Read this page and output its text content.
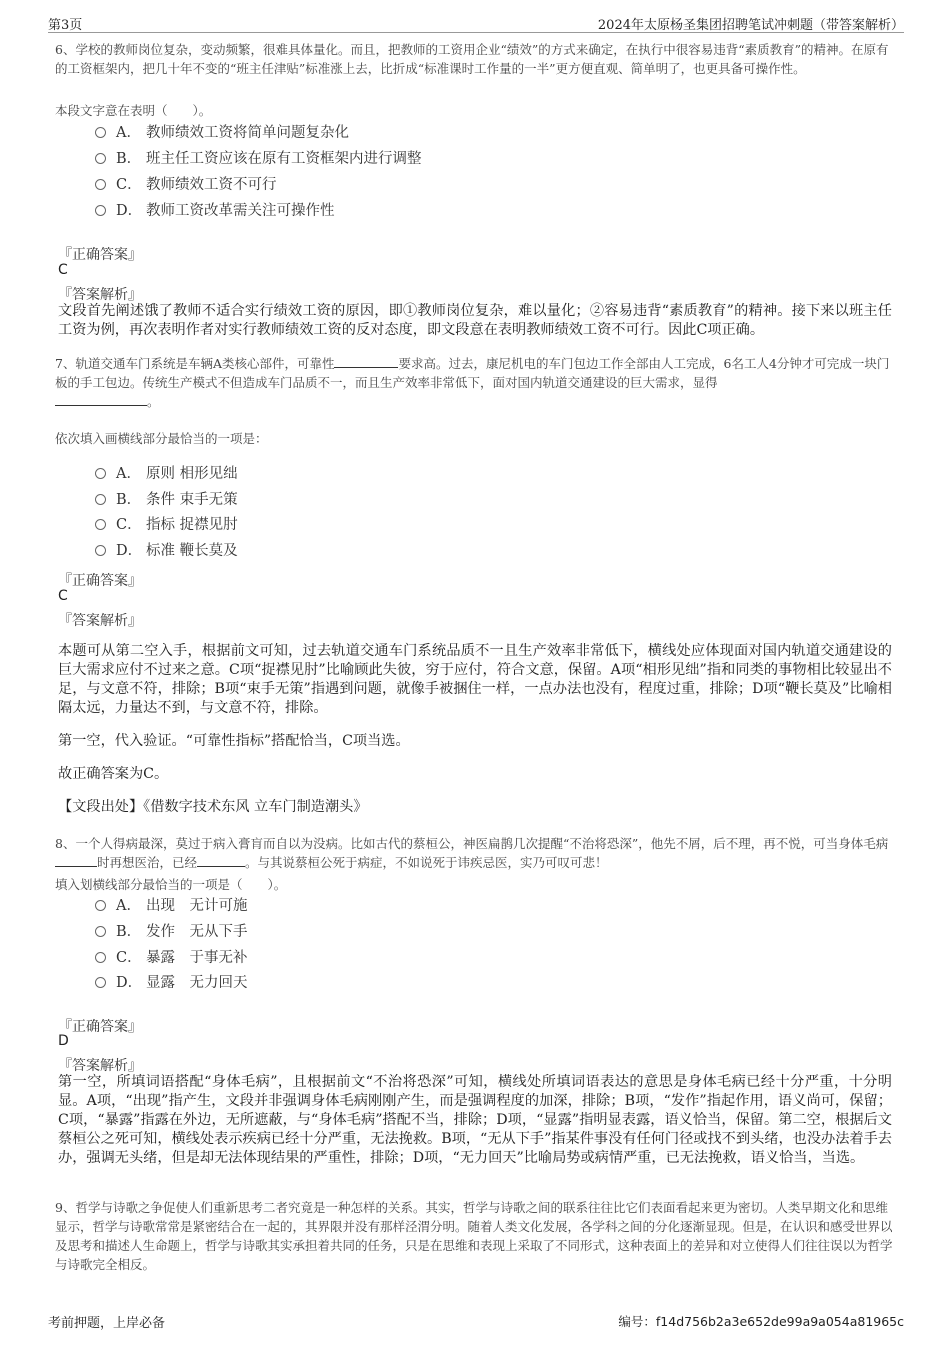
第3页	2024年太原杨圣集团招聘笔试冲刺题（带答案解析）
6、学校的教师岗位复杂，变动频繁，很难具体量化。而且，把教师的工资用企业“绩效”的方式来确定，在执行中很容易违背“素质教育”的精神。在原有的工资框架内，把几十年不变的“班主任津贴”标准涨上去，比折成“标准课时工作量的一半”更方便直观、简单明了，也更具备可操作性。
本段文字意在表明（　　）。
A． 教师绩效工资将简单问题复杂化
B． 班主任工资应该在原有工资框架内进行调整
C． 教师绩效工资不可行
D． 教师工资改革需关注可操作性
『正确答案』
C
『答案解析』
文段首先阐述饿了教师不适合实行绩效工资的原因，即①教师岗位复杂，难以量化；②容易违背“素质教育”的精神。接下来以班主任工资为例，再次表明作者对实行教师绩效工资的反对态度，即文段意在表明教师绩效工资不可行。因此C项正确。
7、轨道交通车门系统是车辆A类核心部件，可靠性	要求高。过去，康尼机电的车门包边工作全部由人工完成，6名工人4分钟才可完成一块门板的手工包边。传统生产模式不但造成车门品质不一，而且生产效率非常低下，面对国内轨道交通建设的巨大需求，显得
。
依次填入画横线部分最恰当的一项是：
A． 原则 相形见绌
B． 条件 束手无策
C． 指标 捉襟见肘
D． 标准 鞭长莫及
『正确答案』
C
『答案解析』
本题可从第二空入手，根据前文可知，过去轨道交通车门系统品质不一且生产效率非常低下，横线处应体现面对国内轨道交通建设的巨大需求应付不过来之意。C项“捉襟见肘”比喻顾此失彼，穷于应付，符合文意，保留。A项“相形见绌”指和同类的事物相比较显出不足，与文意不符，排除；B项“束手无策”指遇到问题，就像手被捆住一样，一点办法也没有，程度过重，排除；D项“鞭长莫及”比喻相隔太远，力量达不到，与文意不符，排除。
第一空，代入验证。“可靠性指标”搭配恰当，C项当选。
故正确答案为C。
【文段出处】《借数字技术东风 立车门制造潮头》
8、一个人得病最深，莫过于病入膏肓而自以为没病。比如古代的蔡桓公，神医扁鹊几次提醒“不治将恐深”，他先不屑，后不理，再不悦，可当身体毛病时再想医治，已经	。与其说蔡桓公死于病症，不如说死于讳疾忌医，实乃可叹可悲！
填入划横线部分最恰当的一项是（　　）。
A． 出现　无计可施
B． 发作　无从下手
C． 暴露　于事无补
D． 显露　无力回天
『正确答案』
D
『答案解析』
第一空，所填词语搭配“身体毛病”，且根据前文“不治将恐深”可知，横线处所填词语表达的意思是身体毛病已经十分严重，十分明显。A项，“出现”指产生，文段并非强调身体毛病刚刚产生，而是强调程度的加深，排除；B项，“发作”指起作用，语义尚可，保留；C项，“暴露”指露在外边，无所遮蔽，与“身体毛病”搭配不当，排除；D项，“显露”指明显表露，语义恰当，保留。第二空，根据后文蔡桓公之死可知，横线处表示疾病已经十分严重，无法挽救。B项，“无从下手”指某件事没有任何门径或找不到头绪，也没办法着手去办，强调无头绪，但是却无法体现结果的严重性，排除；D项，“无力回天”比喻局势或病情严重，已无法挽救，语义恰当，当选。
9、哲学与诗歌之争促使人们重新思考二者究竟是一种怎样的关系。其实，哲学与诗歌之间的联系往往比它们表面看起来更为密切。人类早期文化和思维显示，哲学与诗歌常常是紧密结合在一起的，其界限并没有那样泾渭分明。随着人类文化发展，各学科之间的分化逐渐显现。但是，在认识和感受世界以及思考和描述人生命题上，哲学与诗歌其实承担着共同的任务，只是在思维和表现上采取了不同形式，这种表面上的差异和对立使得人们往往误以为哲学与诗歌完全相反。
考前押题，上岸必备	编号：f14d756b2a3e652de99a9a054a81965c
